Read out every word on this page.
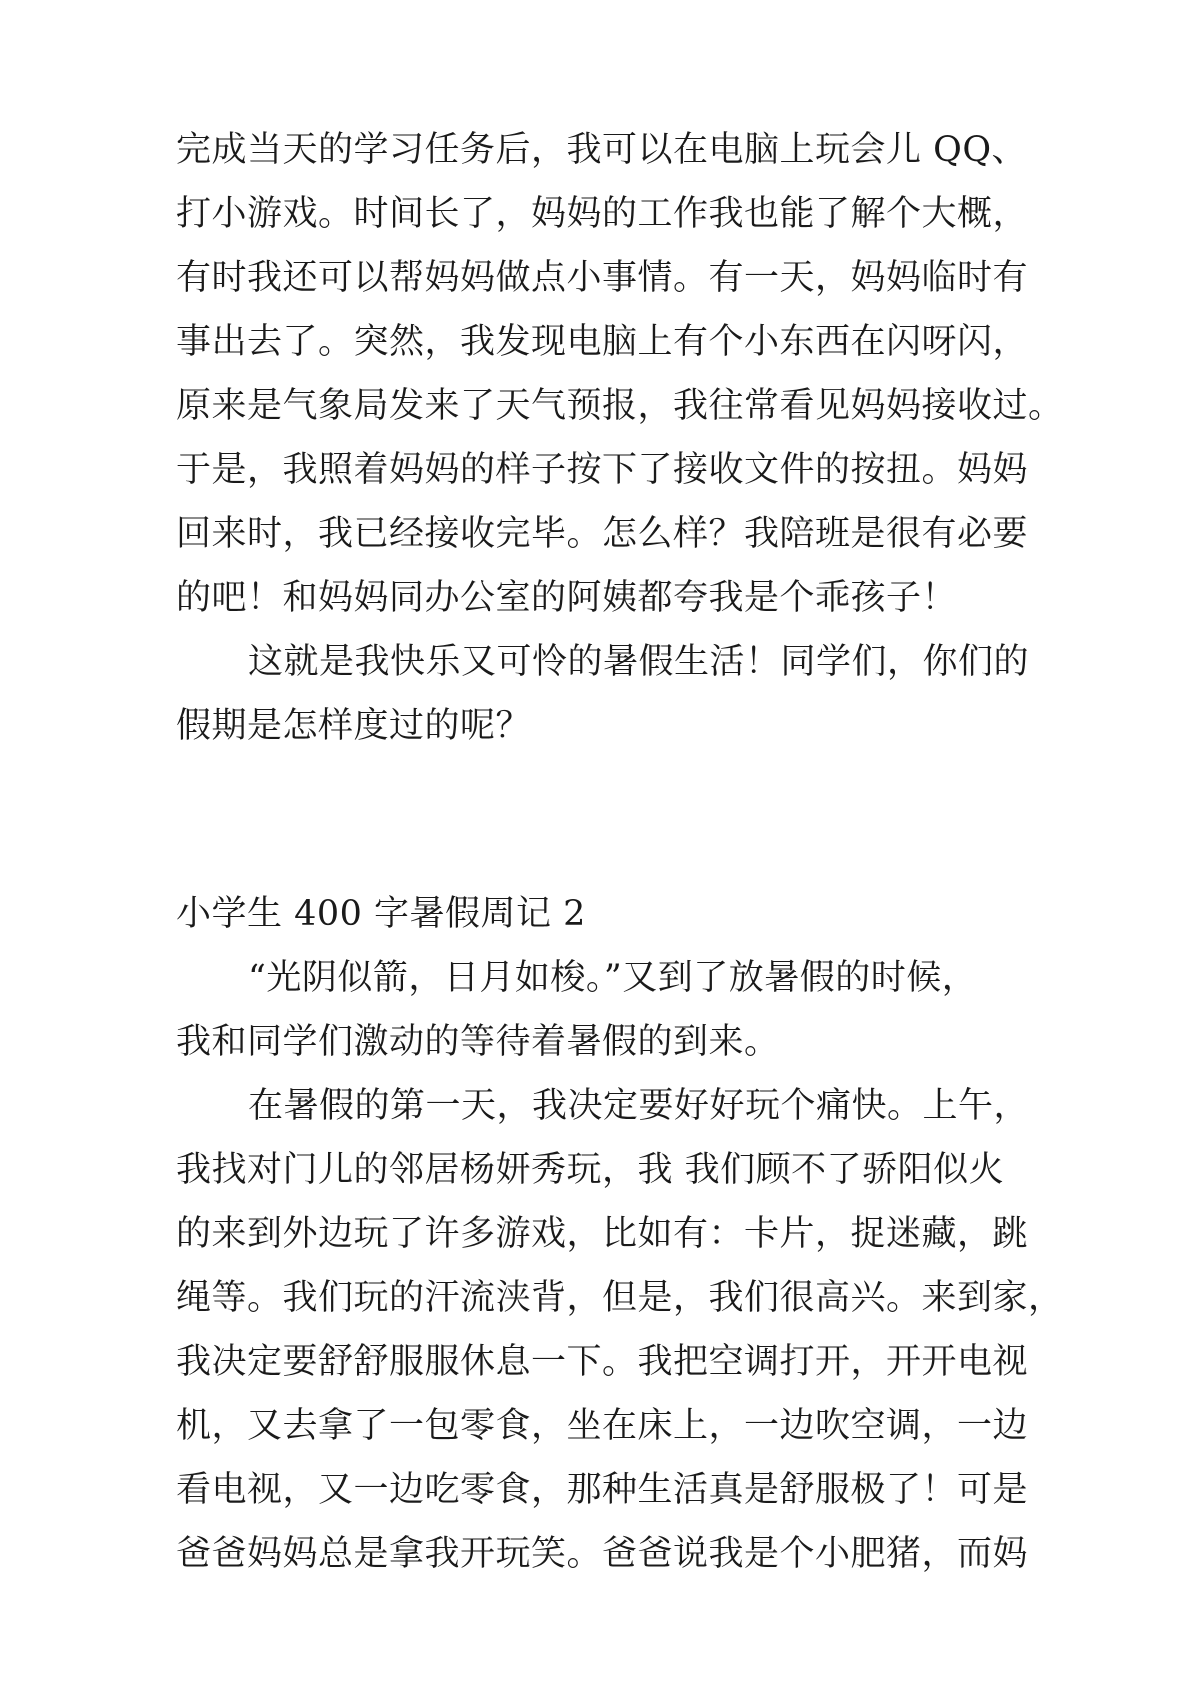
完成当天的学习任务后，我可以在电脑上玩会儿 QQ、
打小游戏。时间长了，妈妈的工作我也能了解个大概，
有时我还可以帮妈妈做点小事情。有一天，妈妈临时有
事出去了。突然，我发现电脑上有个小东西在闪呀闪，
原来是气象局发来了天气预报，我往常看见妈妈接收过。
于是，我照着妈妈的样子按下了接收文件的按扭。妈妈
回来时，我已经接收完毕。怎么样？我陪班是很有必要
的吧！和妈妈同办公室的阿姨都夸我是个乖孩子！
这就是我快乐又可怜的暑假生活！同学们，你们的
假期是怎样度过的呢？
小学生 400 字暑假周记 2
“光阴似箭，日月如梭。”又到了放暑假的时候，
我和同学们激动的等待着暑假的到来。
在暑假的第一天，我决定要好好玩个痛快。上午，
我找对门儿的邻居杨妍秀玩，我 我们顾不了骄阳似火
的来到外边玩了许多游戏，比如有：卡片，捉迷藏，跳
绳等。我们玩的汗流浃背，但是，我们很高兴。来到家，
我决定要舒舒服服休息一下。我把空调打开，开开电视
机，又去拿了一包零食，坐在床上，一边吹空调，一边
看电视，又一边吃零食，那种生活真是舒服极了！可是
爸爸妈妈总是拿我开玩笑。爸爸说我是个小肥猪，而妈
